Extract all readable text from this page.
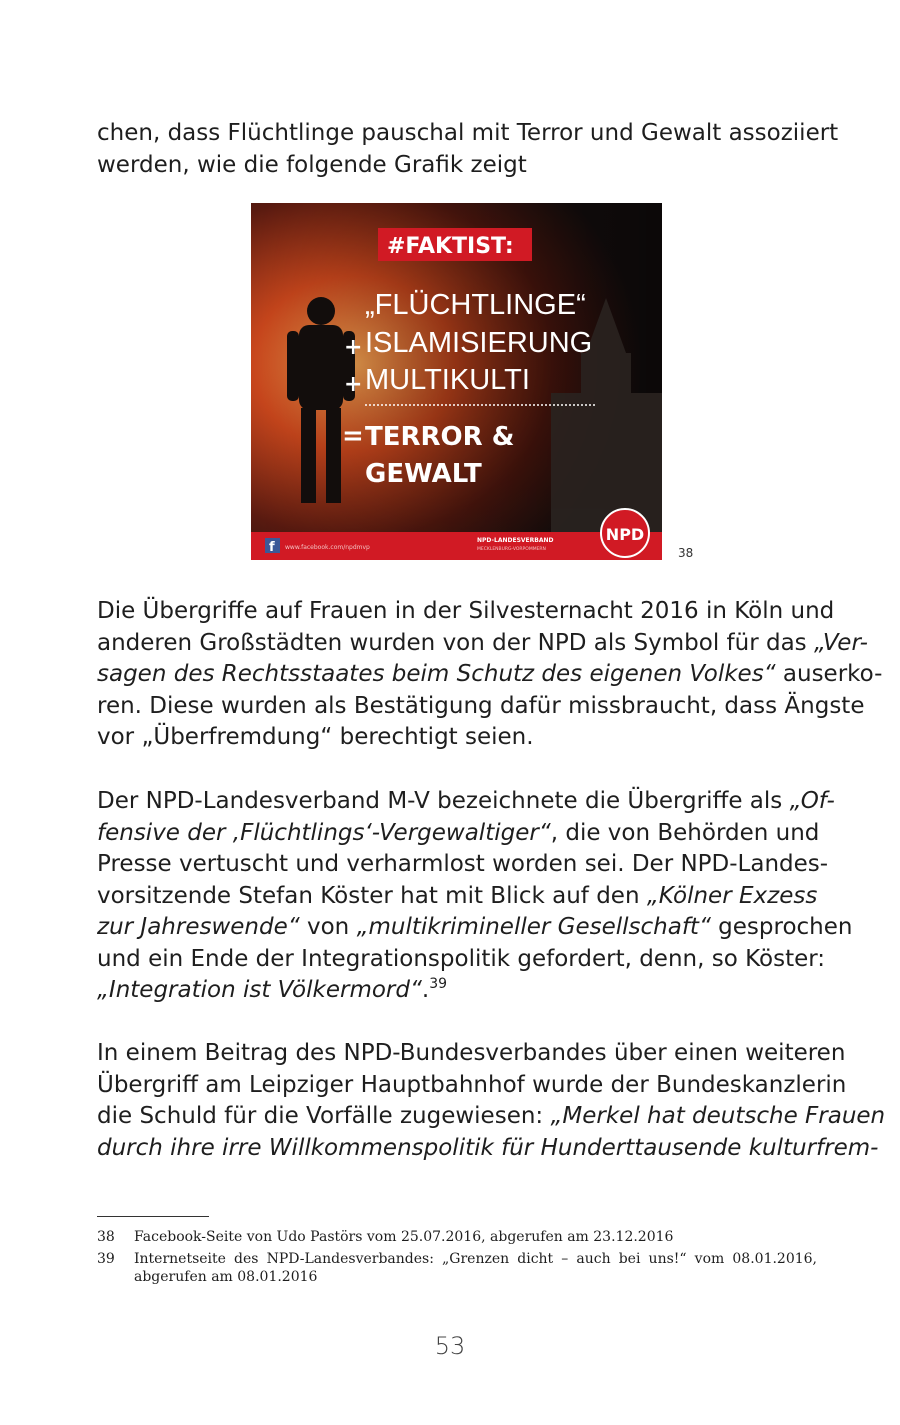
chen, dass Flüchtlinge pauschal mit Terror und Gewalt assoziiert
werden, wie die folgende Grafik zeigt
#FAKTIST:
„FLÜCHTLINGE“
ISLAMISIERUNG
MULTIKULTI
+
+
= TERROR &
GEWALT
f www.facebook.com/npdmvp
NPD-LANDESVERBAND
MECKLENBURG-VORPOMMERN
NPD
38
Die Übergriffe auf Frauen in der Silvesternacht 2016 in Köln und
anderen Großstädten wurden von der NPD als Symbol für das „Ver-
sagen des Rechtsstaates beim Schutz des eigenen Volkes“ auserko-
ren. Diese wurden als Bestätigung dafür missbraucht, dass Ängste
vor „Überfremdung“ berechtigt seien.
Der NPD-Landesverband M-V bezeichnete die Übergriffe als „Of-
fensive der ‚Flüchtlings‘-Vergewaltiger“, die von Behörden und
Presse vertuscht und verharmlost worden sei. Der NPD-Landes-
vorsitzende Stefan Köster hat mit Blick auf den „Kölner Exzess
zur Jahreswende“ von „multikrimineller Gesellschaft“ gesprochen
und ein Ende der Integrationspolitik gefordert, denn, so Köster:
„Integration ist Völkermord“.$^{39}$
In einem Beitrag des NPD-Bundesverbandes über einen weiteren
Übergriff am Leipziger Hauptbahnhof wurde der Bundeskanzlerin
die Schuld für die Vorfälle zugewiesen: „Merkel hat deutsche Frauen
durch ihre irre Willkommenspolitik für Hunderttausende kulturfrem-
38 Facebook-Seite von Udo Pastörs vom 25.07.2016, abgerufen am 23.12.2016
39 Internetseite des NPD-Landesverbandes: „Grenzen dicht – auch bei uns!“ vom 08.01.2016,
abgerufen am 08.01.2016
53
